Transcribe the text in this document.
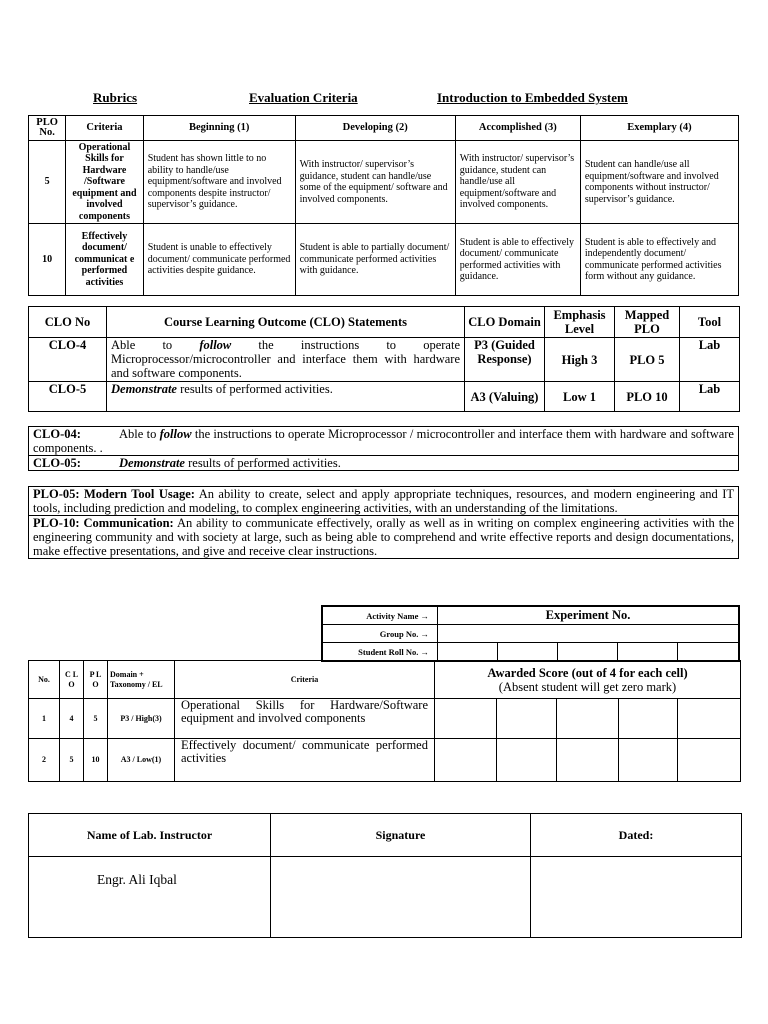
Rubrics	Evaluation Criteria	Introduction to Embedded System
PLO No.	Criteria	Beginning (1)	Developing (2)	Accomplished (3)	Exemplary (4)
5	Operational Skills for Hardware /Software equipment and involved components	Student has shown little to no ability to handle/use equipment/software and involved components despite instructor/ supervisor’s guidance.	With instructor/ supervisor’s guidance, student can handle/use some of the equipment/ software and involved components.	With instructor/ supervisor’s guidance, student can handle/use all equipment/software and involved components.	Student can handle/use all equipment/software and involved components without instructor/ supervisor’s guidance.
10	Effectively document/ communicat e performed activities	Student is unable to effectively document/ communicate performed activities despite guidance.	Student is able to partially document/ communicate performed activities with guidance.	Student is able to effectively document/ communicate performed activities with guidance.	Student is able to effectively and independently document/ communicate performed activities form without any guidance.
CLO No	Course Learning Outcome (CLO) Statements	CLO Domain	Emphasis Level	Mapped PLO	Tool
CLO-4	Able to follow the instructions to operate Microprocessor/microcontroller and interface them with hardware and software components.	P3 (Guided Response)	High 3	PLO 5	Lab
CLO-5	Demonstrate results of performed activities.	A3 (Valuing)	Low 1	PLO 10	Lab
CLO-04:	Able to follow the instructions to operate Microprocessor / microcontroller and interface them with hardware and software components. .
CLO-05:	Demonstrate results of performed activities.
PLO-05: Modern Tool Usage: An ability to create, select and apply appropriate techniques, resources, and modern engineering and IT tools, including prediction and modeling, to complex engineering activities, with an understanding of the limitations.
PLO-10: Communication: An ability to communicate effectively, orally as well as in writing on complex engineering activities with the engineering community and with society at large, such as being able to comprehend and write effective reports and design documentations, make effective presentations, and give and receive clear instructions.
Activity Name →	Experiment No.				
Group No. →					
Student Roll No. →					
No.	C L O	P L O	Domain + Taxonomy / EL	Criteria	Awarded Score (out of 4 for each cell)
(Absent student will get zero mark)				
1	4	5	P3 / High(3)	Operational Skills for Hardware/Software equipment and involved components					
2	5	10	A3 / Low(1)	Effectively document/ communicate performed activities					
Name of Lab. Instructor	Signature	Dated:
Engr. Ali Iqbal		
